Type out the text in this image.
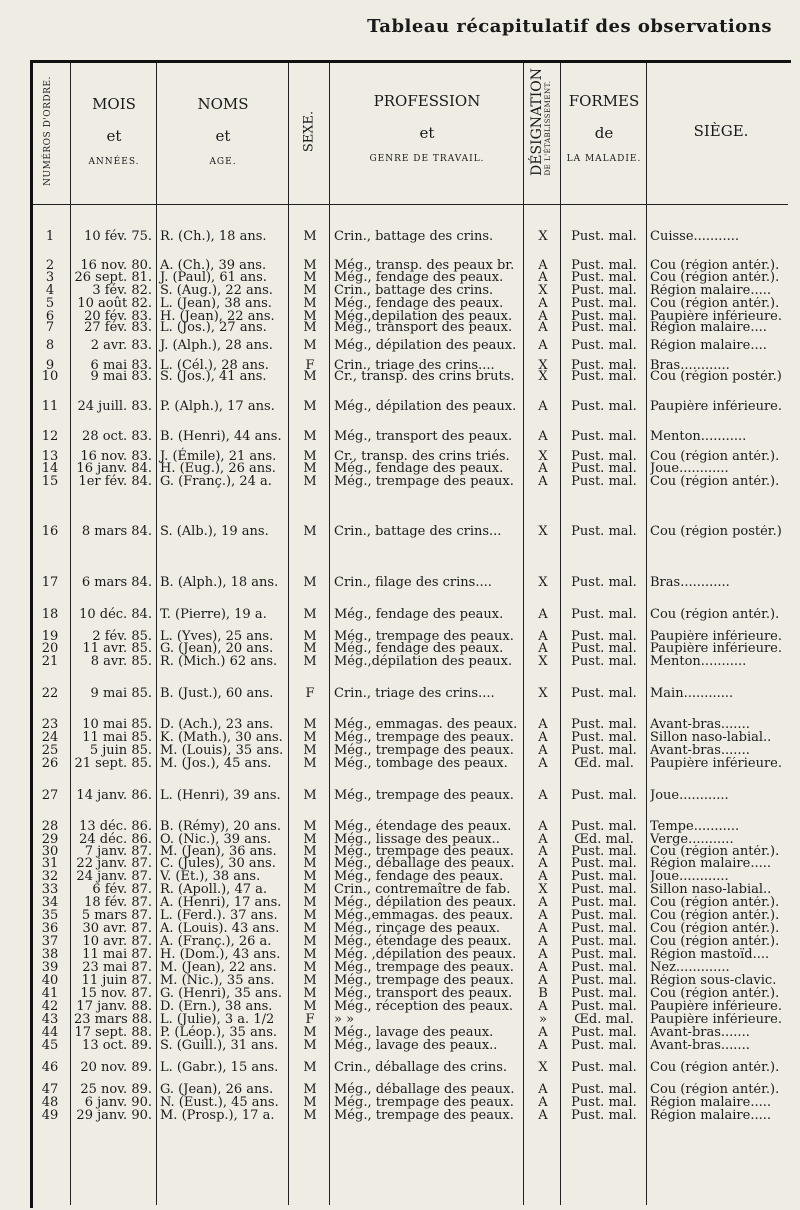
Tableau récapitulatif des observations
NUMÉROS D'ORDRE.	MOIS
et
ANNÉES.
NOMS
et
AGE.
SEXE.
PROFESSION
et
GENRE DE TRAVAIL.	DÉSIGNATION DE L'ÉTABLISSEMENT.	FORMES
de
LA MALADIE.
SIÈGE.
1	10 fév. 75. R. (Ch.), 18 ans.	M	Crin., battage des crins.	X	Pust. mal.	Cuisse...........
2	16 nov. 80. A. (Ch.), 39 ans.	M	Még., transp. des peaux br.	A	Pust. mal.	Cou (région antér.).
3	26 sept. 81. J. (Paul), 61 ans.	M	Még., fendage des peaux.	A	Pust. mal.	Cou (région antér.).
4	3 fév. 82. S. (Aug.), 22 ans.	M	Crin., battage des crins.	X	Pust. mal.	Région malaire.....
5	10 août 82. L. (Jean), 38 ans.	M	Még., fendage des peaux.	A	Pust. mal.	Cou (région antér.).
6	20 fév. 83. H. (Jean), 22 ans.	M	Még.,depilation des peaux.	A	Pust. mal.	Paupière inférieure.
7	27 fév. 83. L. (Jos.), 27 ans.	M	Még., transport des peaux.	A	Pust. mal.	Région malaire....
8	2 avr. 83. J. (Alph.), 28 ans.	M	Még., dépilation des peaux.	A	Pust. mal.	Région malaire....
9	6 mai 83. L. (Cél.), 28 ans.	F	Crin., triage des crins....	X	Pust. mal.	Bras............
10	9 mai 83. S. (Jos.), 41 ans.	M	Cr., transp. des crins bruts.	X	Pust. mal.	Cou (région postér.)
11	24 juill. 83. P. (Alph.), 17 ans.	M	Még., dépilation des peaux.	A	Pust. mal.	Paupière inférieure.
12	28 oct. 83. B. (Henri), 44 ans.	M	Még., transport des peaux.	A	Pust. mal.	Menton...........
13	16 nov. 83. J. (Émile), 21 ans.	M	Cr., transp. des crins triés.	X	Pust. mal.	Cou (région antér.).
14	16 janv. 84. H. (Eug.), 26 ans.	M	Még., fendage des peaux.	A	Pust. mal.	Joue............
15	1er fév. 84. G. (Franç.), 24 a.	M	Még., trempage des peaux.	A	Pust. mal.	Cou (région antér.).
16	8 mars 84. S. (Alb.), 19 ans.	M	Crin., battage des crins...	X	Pust. mal.	Cou (région postér.)
17	6 mars 84. B. (Alph.), 18 ans.	M	Crin., filage des crins....	X	Pust. mal.	Bras............
18	10 déc. 84. T. (Pierre), 19 a.	M	Még., fendage des peaux.	A	Pust. mal.	Cou (région antér.).
19	2 fév. 85. L. (Yves), 25 ans.	M	Még., trempage des peaux.	A	Pust. mal.	Paupière inférieure.
20	11 avr. 85. G. (Jean), 20 ans.	M	Még., fendage des peaux.	A	Pust. mal.	Paupière inférieure.
21	8 avr. 85. R. (Mich.) 62 ans.	M	Még.,dépilation des peaux.	X	Pust. mal.	Menton...........
22	9 mai 85. B. (Just.), 60 ans.	F	Crin., triage des crins....	X	Pust. mal.	Main............
23	10 mai 85. D. (Ach.), 23 ans.	M	Még., emmagas. des peaux.	A	Pust. mal.	Avant-bras.......
24	11 mai 85. K. (Math.), 30 ans.	M	Még., trempage des peaux.	A	Pust. mal.	Sillon naso-labial..
25	5 juin 85. M. (Louis), 35 ans.	M	Még., trempage des peaux.	A	Pust. mal.	Avant-bras.......
26	21 sept. 85. M. (Jos.), 45 ans.	M	Még., tombage des peaux.	A	Œd. mal.	Paupière inférieure.
27	14 janv. 86. L. (Henri), 39 ans.	M	Még., trempage des peaux.	A	Pust. mal.	Joue............
28	13 déc. 86. B. (Rémy), 20 ans.	M	Még., étendage des peaux.	A	Pust. mal.	Tempe...........
29	24 déc. 86. O. (Nic.), 39 ans.	M	Még., lissage des peaux..	A	Œd. mal.	Verge...........
30	7 janv. 87. M. (Jean), 36 ans.	M	Még., trempage des peaux.	A	Pust. mal.	Cou (région antér.).
31	22 janv. 87. C. (Jules), 30 ans.	M	Még., déballage des peaux.	A	Pust. mal.	Région malaire.....
32	24 janv. 87. V. (Et.), 38 ans.	M	Még., fendage des peaux.	A	Pust. mal.	Joue............
33	6 fév. 87. R. (Apoll.), 47 a.	M	Crin., contremaître de fab.	X	Pust. mal.	Sillon naso-labial..
34	18 fév. 87. A. (Henri), 17 ans.	M	Még., dépilation des peaux.	A	Pust. mal.	Cou (région antér.).
35	5 mars 87. L. (Ferd.). 37 ans.	M	Még.,emmagas. des peaux.	A	Pust. mal.	Cou (région antér.).
36	30 avr. 87. A. (Louis). 43 ans.	M	Még., rinçage des peaux.	A	Pust. mal.	Cou (région antér.).
37	10 avr. 87. A. (Franç.), 26 a.	M	Még., étendage des peaux.	A	Pust. mal.	Cou (région antér.).
38	11 mai 87. H. (Dom.), 43 ans.	M	Még. ,dépilation des peaux.	A	Pust. mal.	Région mastoïd....
39	23 mai 87. M. (Jean), 22 ans.	M	Még., trempage des peaux.	A	Pust. mal.	Nez.............
40	11 juin 87. M. (Nic.), 35 ans.	M	Még., trempage des peaux.	A	Pust. mal.	Région sous-clavic.
41	15 nov. 87. G. (Henri), 35 ans.	M	Még., transport des peaux.	B	Pust. mal.	Cou (région antér.).
42	17 janv. 88. D. (Ern.), 38 ans.	M	Még., réception des peaux.	A	Pust. mal.	Paupière inférieure.
43	23 mars 88. L. (Julie), 3 a. 1/2	F	» »	»	Œd. mal.	Paupière inférieure.
44	17 sept. 88. P. (Léop.), 35 ans.	M	Még., lavage des peaux.	A	Pust. mal.	Avant-bras.......
45	13 oct. 89. S. (Guill.), 31 ans.	M	Még., lavage des peaux..	A	Pust. mal.	Avant-bras.......
46	20 nov. 89. L. (Gabr.), 15 ans.	M	Crin., déballage des crins.	X	Pust. mal.	Cou (région antér.).
47	25 nov. 89. G. (Jean), 26 ans.	M	Még., déballage des peaux.	A	Pust. mal.	Cou (région antér.).
48	6 janv. 90. N. (Eust.), 45 ans.	M	Még., trempage des peaux.	A	Pust. mal.	Région malaire.....
49	29 janv. 90. M. (Prosp.), 17 a.	M	Még., trempage des peaux.	A	Pust. mal.	Région malaire.....
